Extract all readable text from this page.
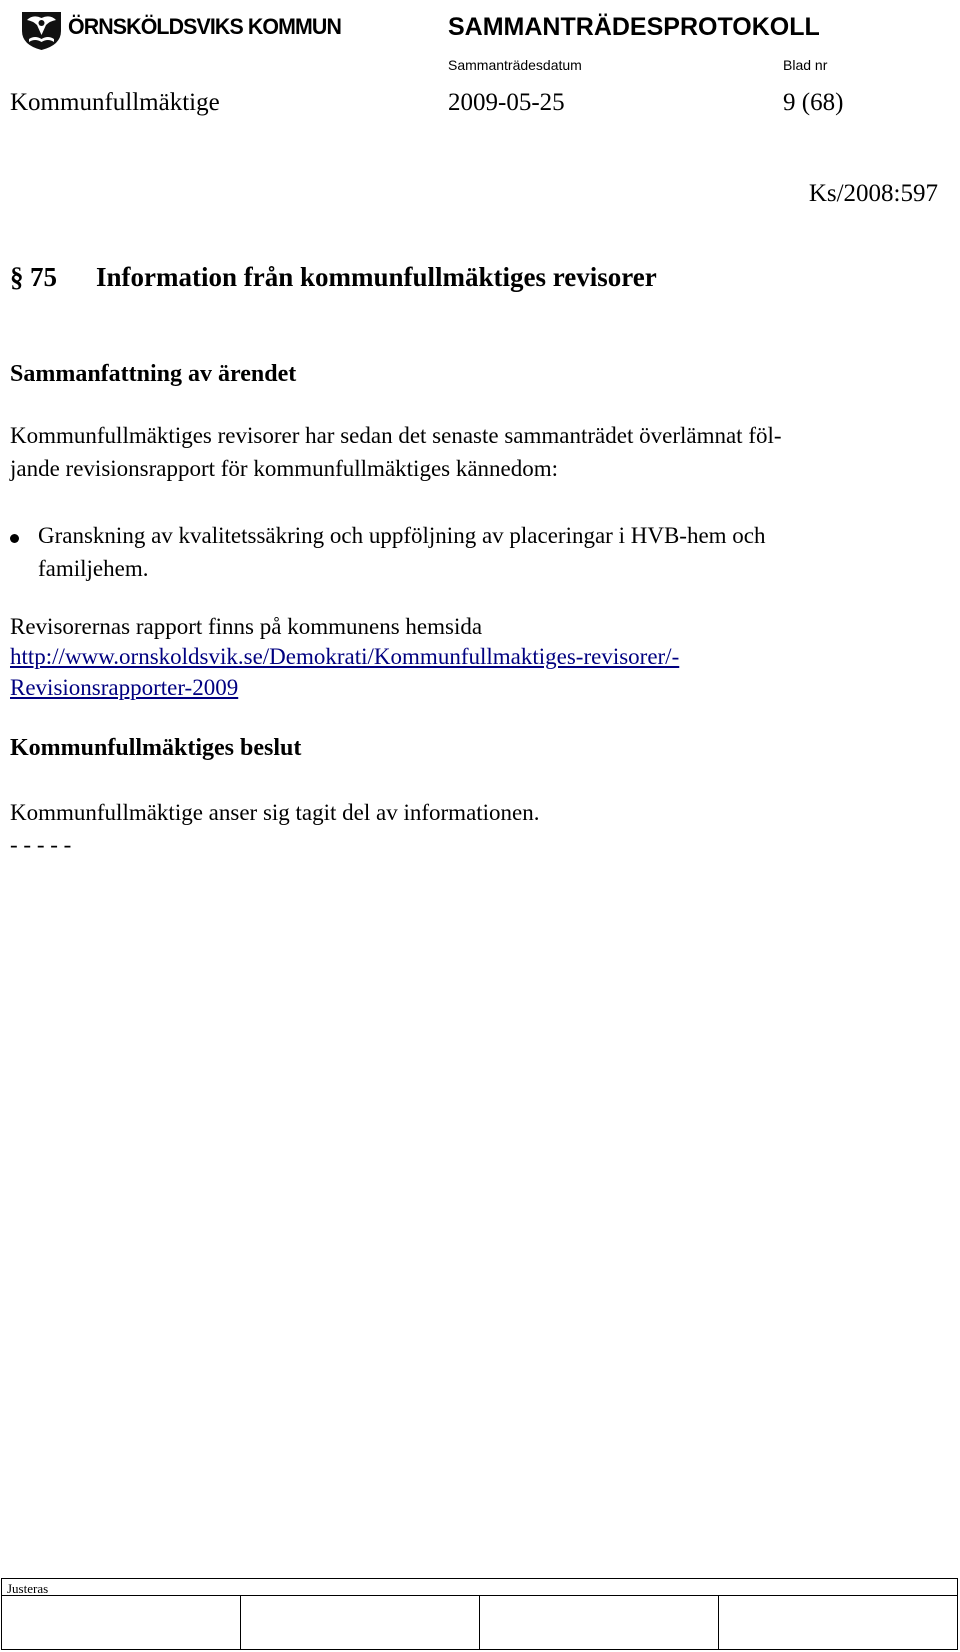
ÖRNSKÖLDSVIKS KOMMUN	SAMMANTRÄDESPROTOKOLL
Sammanträdesdatum	Blad nr
Kommunfullmäktige	2009-05-25	9 (68)
Ks/2008:597
§ 75 Information från kommunfullmäktiges revisorer
Sammanfattning av ärendet
Kommunfullmäktiges revisorer har sedan det senaste sammanträdet överlämnat föl-
jande revisionsrapport för kommunfullmäktiges kännedom:
Granskning av kvalitetssäkring och uppföljning av placeringar i HVB-hem och
familjehem.
Revisorernas rapport finns på kommunens hemsida
http://www.ornskoldsvik.se/Demokrati/Kommunfullmaktiges-revisorer/-
Revisionsrapporter-2009
Kommunfullmäktiges beslut
Kommunfullmäktige anser sig tagit del av informationen.
- - - - -
Justeras
